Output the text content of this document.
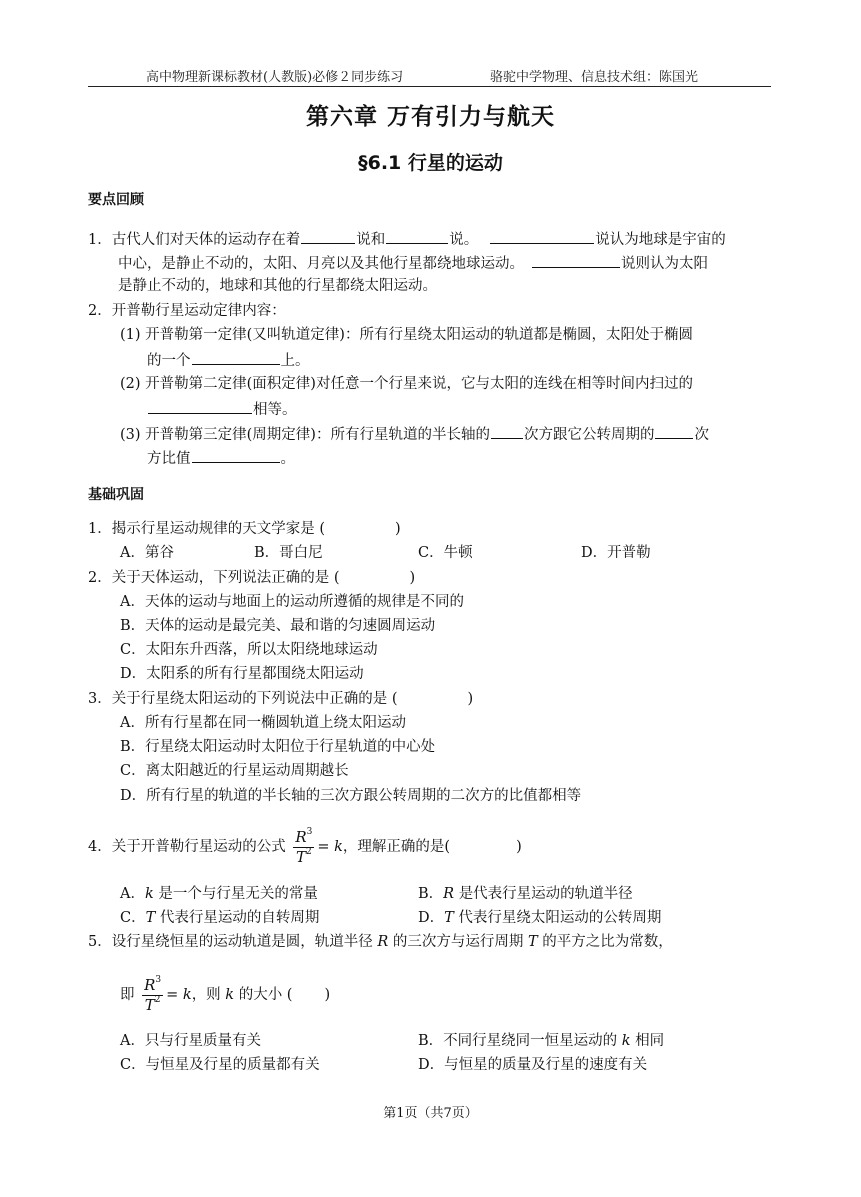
高中物理新课标教材(人教版)必修２同步练习	骆驼中学物理、信息技术组：陈国光
第六章 万有引力与航天
§6.1 行星的运动
要点回顾
1．古代人们对天体的运动存在着	说和	说。	说认为地球是宇宙的
中心，是静止不动的，太阳、月亮以及其他行星都绕地球运动。	说则认为太阳
是静止不动的，地球和其他的行星都绕太阳运动。
2．开普勒行星运动定律内容：
(1) 开普勒第一定律(又叫轨道定律)：所有行星绕太阳运动的轨道都是椭圆，太阳处于椭圆
的一个	上。
(2) 开普勒第二定律(面积定律)对任意一个行星来说，它与太阳的连线在相等时间内扫过的
相等。
(3) 开普勒第三定律(周期定律)：所有行星轨道的半长轴的 次方跟它公转周期的	次
方比值	。
基础巩固
1．揭示行星运动规律的天文学家是 (	)
A．第谷	B．哥白尼	C．牛顿	D．开普勒
2．关于天体运动，下列说法正确的是 (	)
A．天体的运动与地面上的运动所遵循的规律是不同的
B．天体的运动是最完美、最和谐的匀速圆周运动
C．太阳东升西落，所以太阳绕地球运动
D．太阳系的所有行星都围绕太阳运动
3．关于行星绕太阳运动的下列说法中正确的是 (	)
A．所有行星都在同一椭圆轨道上绕太阳运动
B．行星绕太阳运动时太阳位于行星轨道的中心处
C．离太阳越近的行星运动周期越长
D．所有行星的轨道的半长轴的三次方跟公转周期的二次方的比值都相等
4．关于开普勒行星运动的公式 $\frac{R^3}{T^2} = k$，理解正确的是(	)
A．k 是一个与行星无关的常量	B．R 是代表行星运动的轨道半径
C．T 代表行星运动的自转周期	D．T 代表行星绕太阳运动的公转周期
5．设行星绕恒星的运动轨道是圆，轨道半径 R 的三次方与运行周期 T 的平方之比为常数，
即 $\frac{R^3}{T^2} = k$，则 k 的大小 ( )
A．只与行星质量有关	B．不同行星绕同一恒星运动的 k 相同
C．与恒星及行星的质量都有关	D．与恒星的质量及行星的速度有关
第1页（共7页）
